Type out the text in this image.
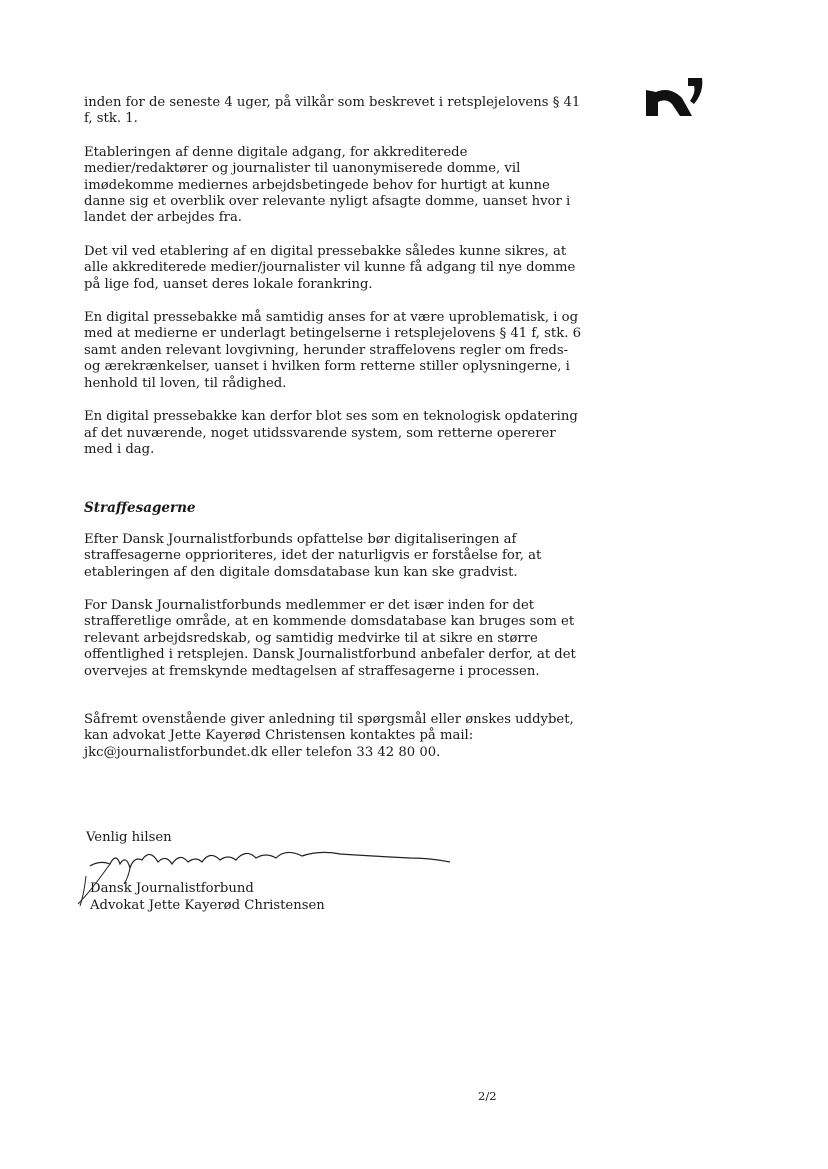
inden for de seneste 4 uger, på vilkår som beskrevet i retsplejelovens § 41 f, stk. 1.

Etableringen af denne digitale adgang, for akkrediterede medier/redaktører og journalister til uanonymiserede domme, vil imødekomme mediernes arbejdsbetingede behov for hurtigt at kunne danne sig et overblik over relevante nyligt afsagte domme, uanset hvor i landet der arbejdes fra.

Det vil ved etablering af en digital pressebakke således kunne sikres, at alle akkrediterede medier/journalister vil kunne få adgang til nye domme på lige fod, uanset deres lokale forankring.

En digital pressebakke må samtidig anses for at være uproblematisk, i og med at medierne er underlagt betingelserne i retsplejelovens § 41 f, stk. 6 samt anden relevant lovgivning, herunder straffelovens regler om freds- og ærekrænkelser, uanset i hvilken form retterne stiller oplysningerne, i henhold til loven, til rådighed.

En digital pressebakke kan derfor blot ses som en teknologisk opdatering af det nuværende, noget utidssvarende system, som retterne opererer med i dag.

Straffesagerne

Efter Dansk Journalistforbunds opfattelse bør digitaliseringen af straffesagerne opprioriteres, idet der naturligvis er forståelse for, at etableringen af den digitale domsdatabase kun kan ske gradvist.

For Dansk Journalistforbunds medlemmer er det især inden for det strafferetlige område, at en kommende domsdatabase kan bruges som et relevant arbejdsredskab, og samtidig medvirke til at sikre en større offentlighed i retsplejen. Dansk Journalistforbund anbefaler derfor, at det overvejes at fremskynde medtagelsen af straffesagerne i processen.

Såfremt ovenstående giver anledning til spørgsmål eller ønskes uddybet, kan advokat Jette Kayerød Christensen kontaktes på mail: jkc@journalistforbundet.dk eller telefon 33 42 80 00.

Venlig hilsen

Dansk Journalistforbund

Advokat Jette Kayerød Christensen

2/2
